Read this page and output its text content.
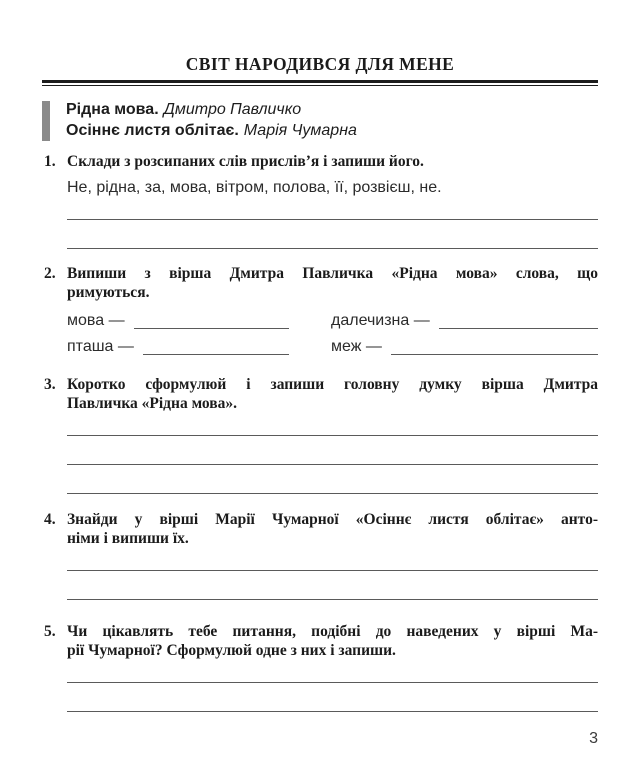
СВІТ НАРОДИВСЯ ДЛЯ МЕНЕ
Рідна мова. Дмитро Павличко
Осіннє листя облітає. Марія Чумарна
1. Склади з розсипаних слів прислів’я і запиши його.
Не, рідна, за, мова, вітром, полова, її, розвієш, не.
2. Випиши з вірша Дмитра Павличка «Рідна мова» слова, що
римуються.
мова —	далечизна —
пташа —	меж —
3. Коротко сформулюй і запиши головну думку вірша Дмитра
Павличка «Рідна мова».
4. Знайди у вірші Марії Чумарної «Осіннє листя облітає» анто-
німи і випиши їх.
5. Чи цікавлять тебе питання, подібні до наведених у вірші Ма-
рії Чумарної? Сформулюй одне з них і запиши.
3
